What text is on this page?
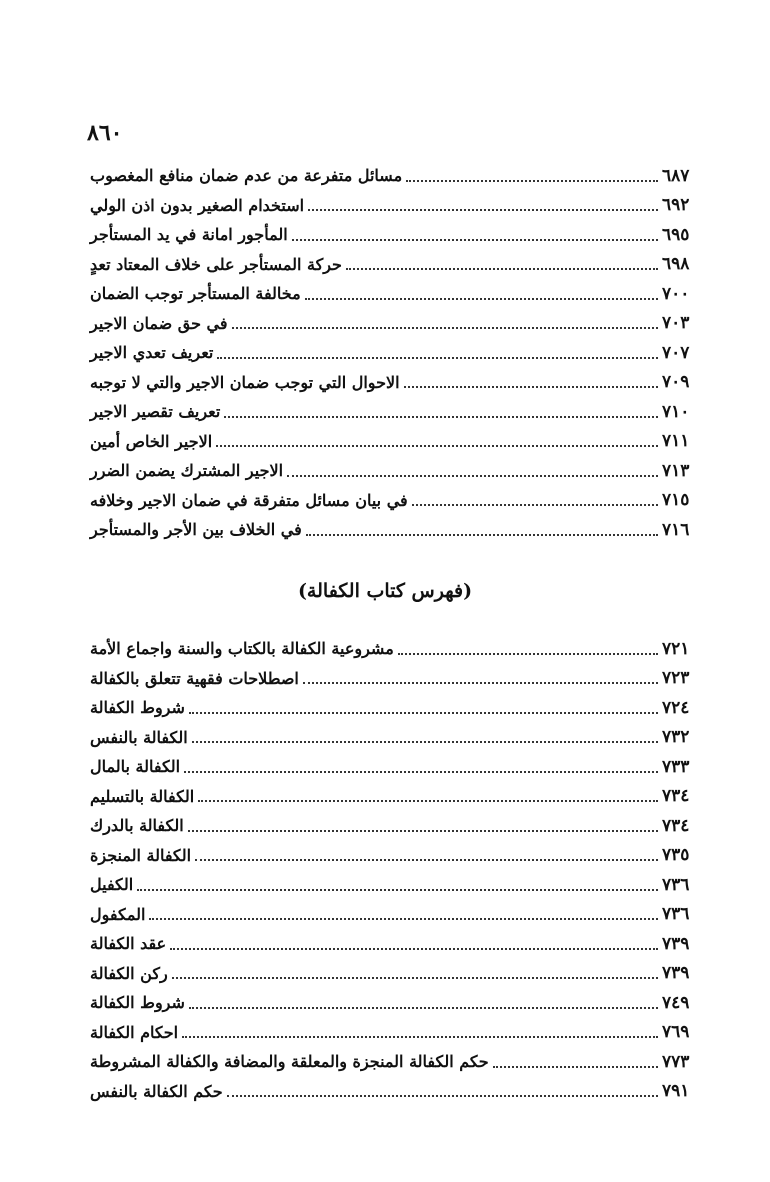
٨٦٠
مسائل متفرعة من عدم ضمان منافع المغصوب	٦٨٧
استخدام الصغير بدون اذن الولي	٦٩٢
المأجور امانة في يد المستأجر	٦٩٥
حركة المستأجر على خلاف المعتاد تعدٍ	٦٩٨
مخالفة المستأجر توجب الضمان	٧٠٠
في حق ضمان الاجير	٧٠٣
تعريف تعدي الاجير	٧٠٧
الاحوال التي توجب ضمان الاجير والتي لا توجبه	٧٠٩
تعريف تقصير الاجير	٧١٠
الاجير الخاص أمين	٧١١
الاجير المشترك يضمن الضرر	٧١٣
في بيان مسائل متفرقة في ضمان الاجير وخلافه	٧١٥
في الخلاف بين الأجر والمستأجر	٧١٦
(فهرس كتاب الكفالة)
مشروعية الكفالة بالكتاب والسنة واجماع الأمة	٧٢١
اصطلاحات فقهية تتعلق بالكفالة	٧٢٣
شروط الكفالة	٧٢٤
الكفالة بالنفس	٧٣٢
الكفالة بالمال	٧٣٣
الكفالة بالتسليم	٧٣٤
الكفالة بالدرك	٧٣٤
الكفالة المنجزة	٧٣٥
الكفيل	٧٣٦
المكفول	٧٣٦
عقد الكفالة	٧٣٩
ركن الكفالة	٧٣٩
شروط الكفالة	٧٤٩
احكام الكفالة	٧٦٩
حكم الكفالة المنجزة والمعلقة والمضافة والكفالة المشروطة	٧٧٣
حكم الكفالة بالنفس	٧٩١
